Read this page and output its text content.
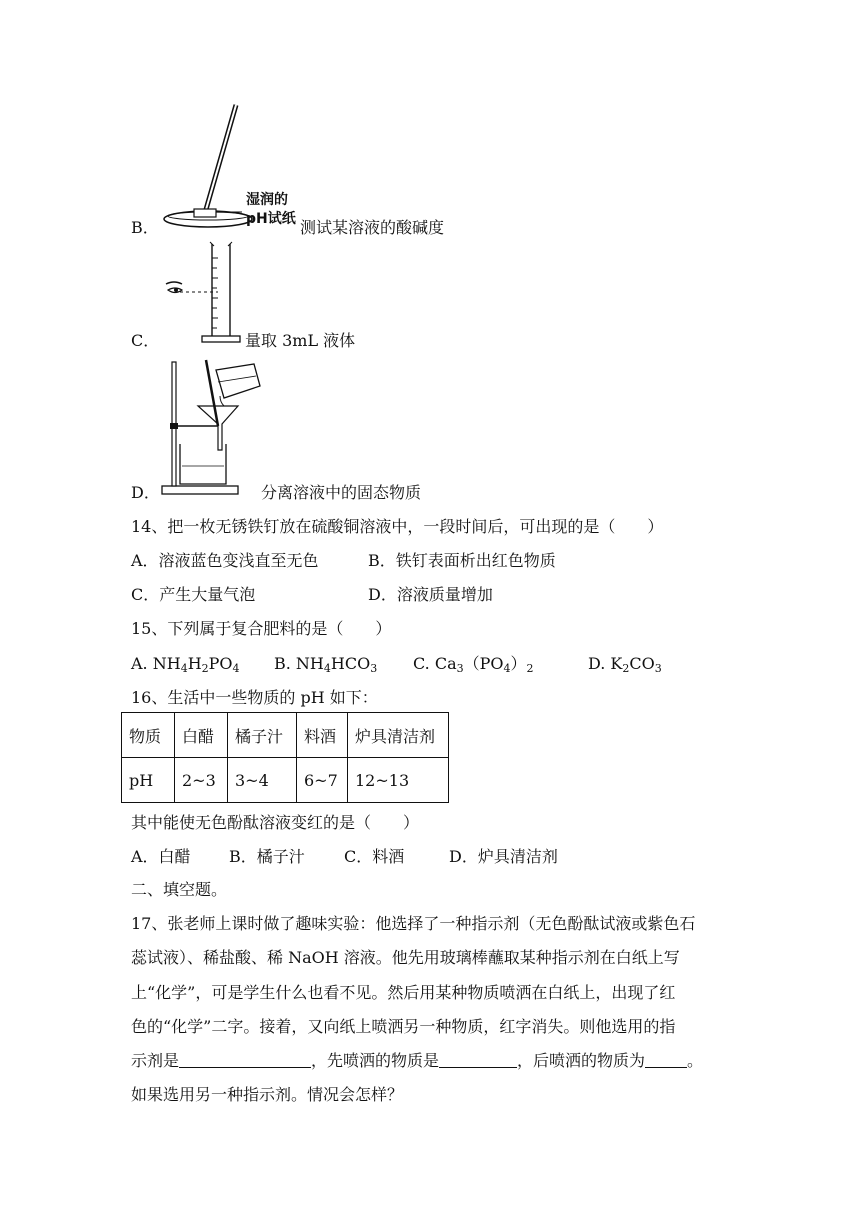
湿润的
pH试纸
B．	测试某溶液的酸碱度
C．	量取 3mL 液体
D．	分离溶液中的固态物质
14、把一枚无锈铁钉放在硫酸铜溶液中，一段时间后，可出现的是（　　）
A．溶液蓝色变浅直至无色	B．铁钉表面析出红色物质
C．产生大量气泡	D．溶液质量增加
15、下列属于复合肥料的是（　　）
A. NH4H2PO4 B. NH4HCO3 C. Ca3（PO4）2	D. K2CO3
16、生活中一些物质的 pH 如下：
物质	白醋	橘子汁	料酒	炉具清洁剂
pH	2~3	3~4	6~7	12~13
其中能使无色酚酞溶液变红的是（　　）
A．白醋 B．橘子汁 C．料酒	D．炉具清洁剂
二、填空题。
17、张老师上课时做了趣味实验：他选择了一种指示剂（无色酚酞试液或紫色石
蕊试液）、稀盐酸、稀 NaOH 溶液。他先用玻璃棒蘸取某种指示剂在白纸上写
上“化学”，可是学生什么也看不见。然后用某种物质喷洒在白纸上，出现了红
色的“化学”二字。接着，又向纸上喷洒另一种物质，红字消失。则他选用的指
示剂是	，先喷洒的物质是	，后喷洒的物质为	。
如果选用另一种指示剂。情况会怎样？
